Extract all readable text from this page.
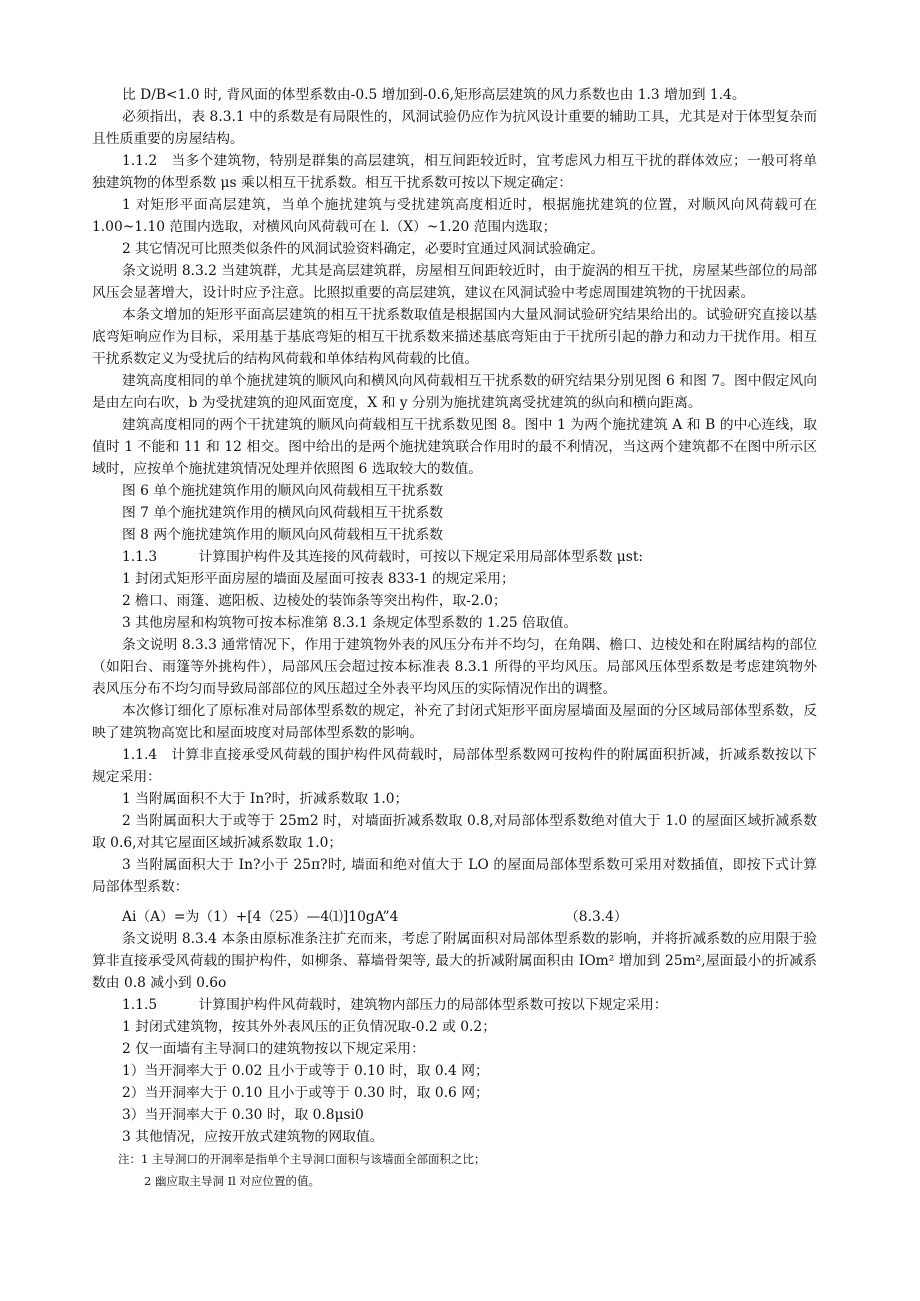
比 D/B<1.0 时, 背风面的体型系数由-0.5 增加到-0.6,矩形高层建筑的风力系数也由 1.3 增加到 1.4。

必须指出，表 8.3.1 中的系数是有局限性的，风洞试验仍应作为抗风设计重要的辅助工具，尤其是对于体型复杂而且性质重要的房屋结构。

1.1.2　当多个建筑物，特别是群集的高层建筑，相互间距较近时，宜考虑风力相互干扰的群体效应；一般可将单独建筑物的体型系数 μs 乘以相互干扰系数。相互干扰系数可按以下规定确定：

1 对矩形平面高层建筑，当单个施扰建筑与受扰建筑高度相近时，根据施扰建筑的位置，对顺风向风荷载可在 1.00~1.10 范围内选取，对横风向风荷载可在 l.（X）~1.20 范围内选取；

2 其它情况可比照类似条件的风洞试验资料确定，必要时宜通过风洞试验确定。

条文说明 8.3.2 当建筑群，尤其是高层建筑群，房屋相互间距较近时，由于旋涡的相互干扰，房屋某些部位的局部风压会显著增大，设计时应予注意。比照拟重要的高层建筑，建议在风洞试验中考虑周围建筑物的干扰因素。

本条文增加的矩形平面高层建筑的相互干扰系数取值是根据国内大量风洞试验研究结果给出的。试验研究直接以基底弯矩响应作为目标，采用基于基底弯矩的相互干扰系数来描述基底弯矩由于干扰所引起的静力和动力干扰作用。相互干扰系数定义为受扰后的结构风荷载和单体结构风荷载的比值。

建筑高度相同的单个施扰建筑的顺风向和横风向风荷载相互干扰系数的研究结果分别见图 6 和图 7。图中假定风向是由左向右吹，b 为受扰建筑的迎风面宽度，X 和 y 分别为施扰建筑离受扰建筑的纵向和横向距离。

建筑高度相同的两个干扰建筑的顺风向荷载相互干扰系数见图 8。图中 1 为两个施扰建筑 A 和 B 的中心连线，取值时 1 不能和 11 和 12 相交。图中给出的是两个施扰建筑联合作用时的最不利情况，当这两个建筑都不在图中所示区域时，应按单个施扰建筑情况处理并依照图 6 选取较大的数值。

图 6 单个施扰建筑作用的顺风向风荷载相互干扰系数

图 7 单个施扰建筑作用的横风向风荷载相互干扰系数

图 8 两个施扰建筑作用的顺风向风荷载相互干扰系数

1.1.3　　　计算围护构件及其连接的风荷载时，可按以下规定采用局部体型系数 μst:

1 封闭式矩形平面房屋的墙面及屋面可按表 833-1 的规定采用；

2 檐口、雨篷、遮阳板、边棱处的装饰条等突出构件，取-2.0；

3 其他房屋和构筑物可按本标准第 8.3.1 条规定体型系数的 1.25 倍取值。

条文说明 8.3.3 通常情况下，作用于建筑物外表的风压分布并不均匀，在角隅、檐口、边棱处和在附属结构的部位（如阳台、雨篷等外挑构件），局部风压会超过按本标准表 8.3.1 所得的平均风压。局部风压体型系数是考虑建筑物外表风压分布不均匀而导致局部部位的风压超过全外表平均风压的实际情况作出的调整。

本次修订细化了原标准对局部体型系数的规定，补充了封闭式矩形平面房屋墙面及屋面的分区域局部体型系数，反映了建筑物高宽比和屋面坡度对局部体型系数的影响。

1.1.4　计算非直接承受风荷载的围护构件风荷载时，局部体型系数网可按构件的附属面积折减，折减系数按以下规定采用：

1 当附属面积不大于 In?时，折减系数取 1.0；

2 当附属面积大于或等于 25m2 时，对墙面折减系数取 0.8,对局部体型系数绝对值大于 1.0 的屋面区域折减系数取 0.6,对其它屋面区域折减系数取 1.0；

3 当附属面积大于 In?小于 25π?时, 墙面和绝对值大于 LO 的屋面局部体型系数可采用对数插值，即按下式计算局部体型系数：

Ai（A）=为（1）+[4（25）—4⑴]10gA”4	（8.3.4）

条文说明 8.3.4 本条由原标准条注扩充而来，考虑了附属面积对局部体型系数的影响，并将折减系数的应用限于验算非直接承受风荷载的围护构件，如柳条、幕墙骨架等, 最大的折减附属面积由 IOm² 增加到 25m²,屋面最小的折减系数由 0.8 减小到 0.6o

1.1.5　　　计算围护构件风荷载时，建筑物内部压力的局部体型系数可按以下规定采用：

1 封闭式建筑物，按其外外表风压的正负情况取-0.2 或 0.2；

2 仅一面墙有主导洞口的建筑物按以下规定采用：

1）当开洞率大于 0.02 且小于或等于 0.10 时，取 0.4 网；

2）当开洞率大于 0.10 且小于或等于 0.30 时，取 0.6 网；

3）当开洞率大于 0.30 时，取 0.8μsi0

3 其他情况，应按开放式建筑物的网取值。

注：1 主导洞口的开洞率是指单个主导洞口面积与该墙面全部面积之比；

2 幽应取主导洞 Il 对应位置的值。
